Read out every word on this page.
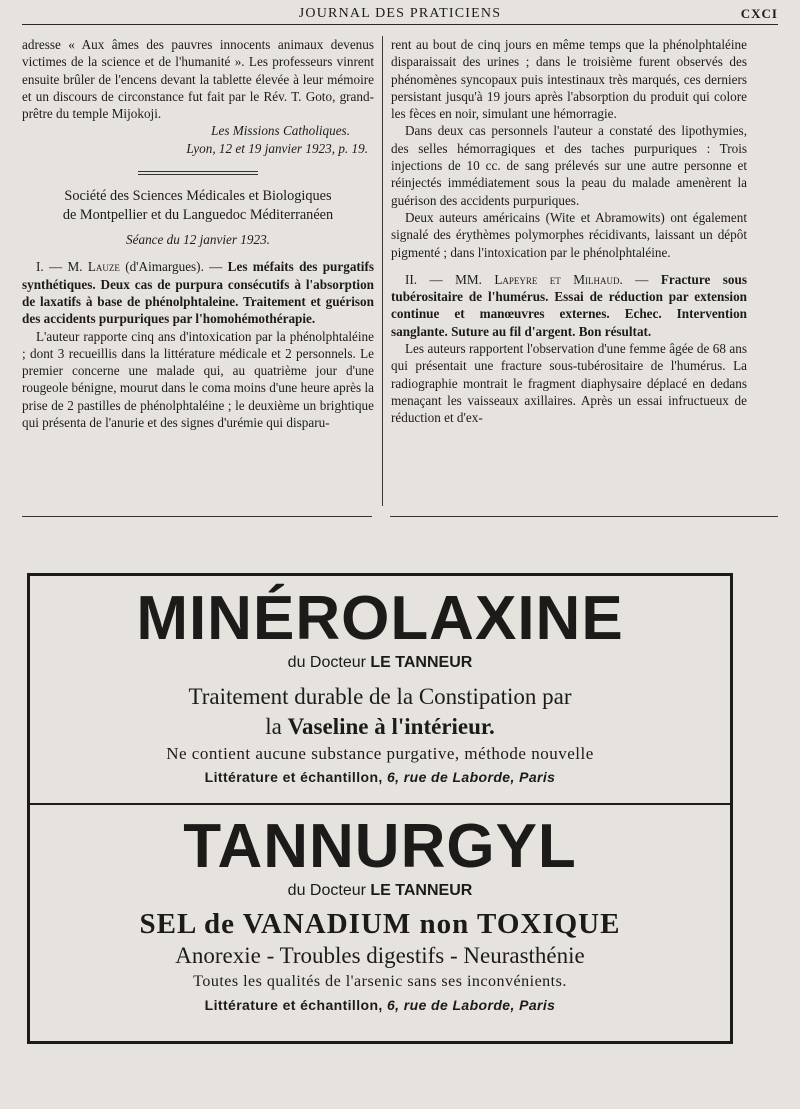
JOURNAL DES PRATICIENS	CXCI

adresse « Aux âmes des pauvres innocents animaux devenus victimes de la science et de l'humanité ». Les professeurs vinrent ensuite brûler de l'encens devant la tablette élevée à leur mémoire et un discours de circonstance fut fait par le Rév. T. Goto, grand-prêtre du temple Mijokoji.

Les Missions Catholiques.

Lyon, 12 et 19 janvier 1923, p. 19.

Société des Sciences Médicales et Biologiques
de Montpellier et du Languedoc Méditerranéen
Séance du 12 janvier 1923.

I. — M. Lauze (d'Aimargues). — Les méfaits des purgatifs synthétiques. Deux cas de purpura consécutifs à l'absorption de laxatifs à base de phénolphtaleine. Traitement et guérison des accidents purpuriques par l'homohémothérapie.

L'auteur rapporte cinq ans d'intoxication par la phénolphtaléine ; dont 3 recueillis dans la littérature médicale et 2 personnels. Le premier concerne une malade qui, au quatrième jour d'une rougeole bénigne, mourut dans le coma moins d'une heure après la prise de 2 pastilles de phénolphtaléine ; le deuxième un brightique qui présenta de l'anurie et des signes d'urémie qui disparu-

rent au bout de cinq jours en même temps que la phénolphtaléine disparaissait des urines ; dans le troisième furent observés des phénomènes syncopaux puis intestinaux très marqués, ces derniers persistant jusqu'à 19 jours après l'absorption du produit qui colore les fèces en noir, simulant une hémorragie.

Dans deux cas personnels l'auteur a constaté des lipothymies, des selles hémorragiques et des taches purpuriques : Trois injections de 10 cc. de sang prélevés sur une autre personne et réinjectés immédiatement sous la peau du malade amenèrent la guérison des accidents purpuriques.

Deux auteurs américains (Wite et Abramowits) ont également signalé des érythèmes polymorphes récidivants, laissant un dépôt pigmenté ; dans l'intoxication par le phénolphtaléine.

II. — MM. Lapeyre et Milhaud. — Fracture sous tubérositaire de l'humérus. Essai de réduction par extension continue et manœuvres externes. Echec. Intervention sanglante. Suture au fil d'argent. Bon résultat.

Les auteurs rapportent l'observation d'une femme âgée de 68 ans qui présentait une fracture sous-tubérositaire de l'humérus. La radiographie montrait le fragment diaphysaire déplacé en dedans menaçant les vaisseaux axillaires. Après un essai infructueux de réduction et d'ex-

MINÉROLAXINE
du Docteur LE TANNEUR
Traitement durable de la Constipation par
la Vaseline à l'intérieur.
Ne contient aucune substance purgative, méthode nouvelle
Littérature et échantillon, 6, rue de Laborde, Paris
TANNURGYL
du Docteur LE TANNEUR
SEL de VANADIUM non TOXIQUE
Anorexie - Troubles digestifs - Neurasthénie
Toutes les qualités de l'arsenic sans ses inconvénients.
Littérature et échantillon, 6, rue de Laborde, Paris
